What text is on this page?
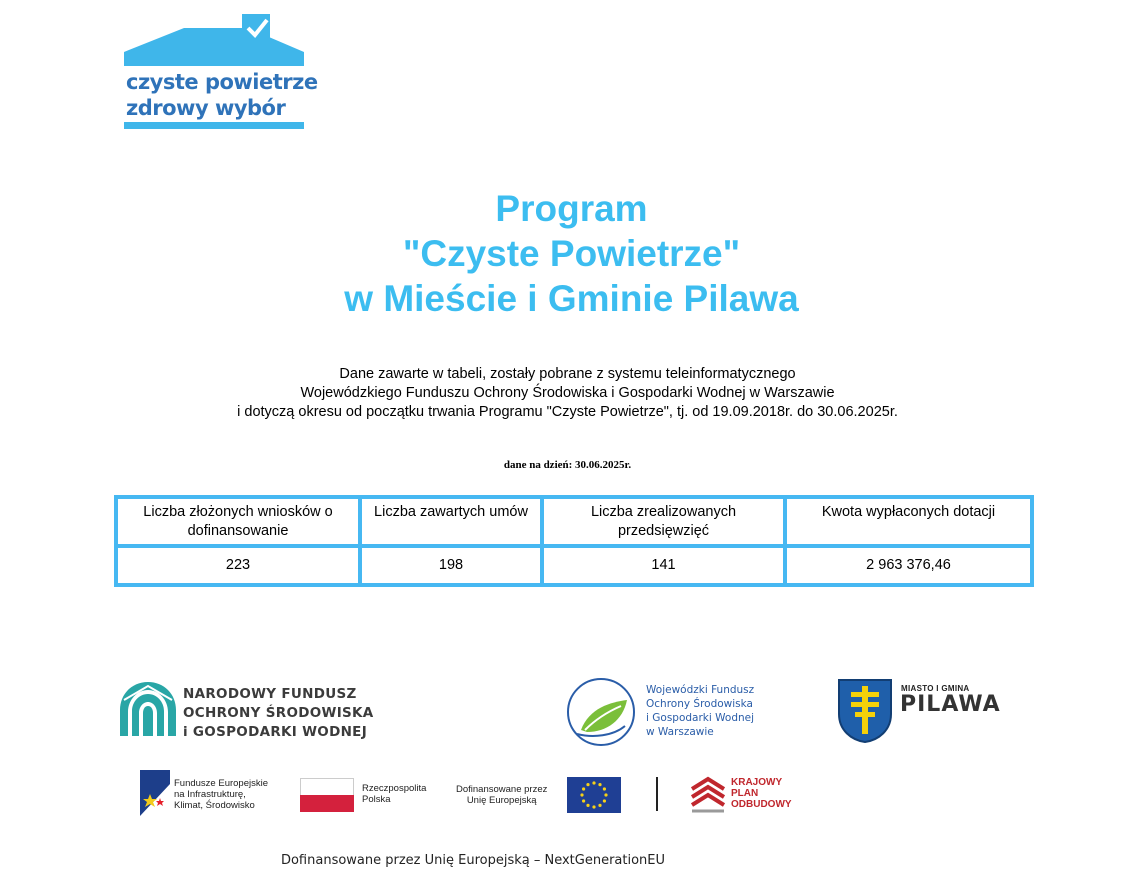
czyste powietrze
zdrowy wybór
Program
"Czyste Powietrze"
w Mieście i Gminie Pilawa
Dane zawarte w tabeli, zostały pobrane z systemu teleinformatycznego
Wojewódzkiego Funduszu Ochrony Środowiska i Gospodarki Wodnej w Warszawie
i dotyczą okresu od początku trwania Programu "Czyste Powietrze", tj. od 19.09.2018r. do 30.06.2025r.
dane na dzień: 30.06.2025r.
Liczba złożonych wniosków o dofinansowanie	Liczba zawartych umów	Liczba zrealizowanych przedsięwzięć	Kwota wypłaconych dotacji
223	198	141	2 963 376,46
NARODOWY FUNDUSZ
OCHRONY ŚRODOWISKA
i GOSPODARKI WODNEJ
Wojewódzki Fundusz
Ochrony Środowiska
i Gospodarki Wodnej
w Warszawie
MIASTO I GMINA
PILAWA
Fundusze Europejskie
na Infrastrukturę,
Klimat, Środowisko
Rzeczpospolita
Polska
Dofinansowane przez
Unię Europejską
KRAJOWY
PLAN
ODBUDOWY
Dofinansowane przez Unię Europejską – NextGenerationEU
